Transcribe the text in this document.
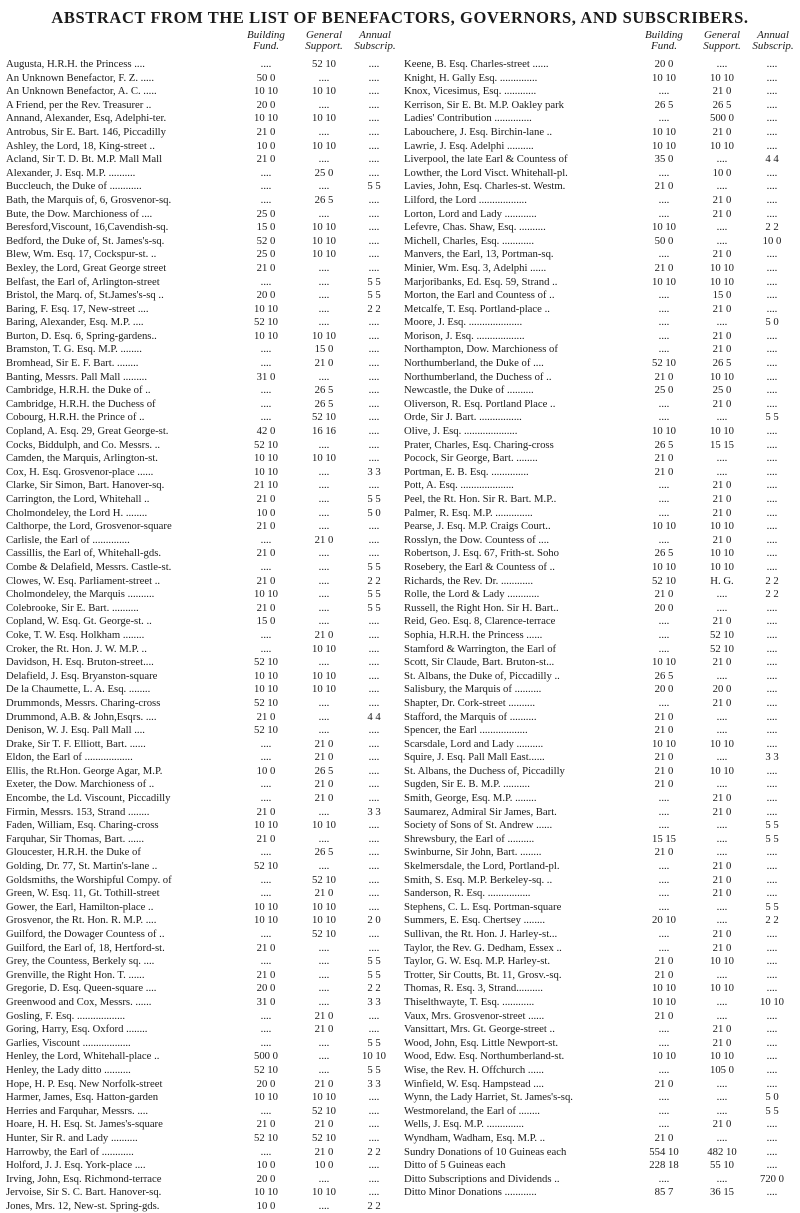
ABSTRACT FROM THE LIST OF BENEFACTORS, GOVERNORS, AND SUBSCRIBERS.
Building
Fund.
General
Support.
Annual
Subscrip.
Augusta, H.R.H. the Princess ....	....	52 10	....
An Unknown Benefactor, F. Z. .....	50 0	....	....
An Unknown Benefactor, A. C. .....	10 10	10 10	....
A Friend, per the Rev. Treasurer ..	20 0	....	....
Annand, Alexander, Esq, Adelphi-ter.	10 10	10 10	....
Antrobus, Sir E. Bart. 146, Piccadilly	21 0	....	....
Ashley, the Lord, 18, King-street ..	10 0	10 10	....
Acland, Sir T. D. Bt. M.P. Mall Mall	21 0	....	....
Alexander, J. Esq. M.P. ..........	....	25 0	....
Buccleuch, the Duke of ............	....	....	5 5
Bath, the Marquis of, 6, Grosvenor-sq.	....	26 5	....
Bute, the Dow. Marchioness of ....	25 0	....	....
Beresford,Viscount, 16,Cavendish-sq.	15 0	10 10	....
Bedford, the Duke of, St. James's-sq.	52 0	10 10	....
Blew, Wm. Esq. 17, Cockspur-st. ..	25 0	10 10	....
Bexley, the Lord, Great George street	21 0	....	....
Belfast, the Earl of, Arlington-street	....	....	5 5
Bristol, the Marq. of, St.James's-sq ..	20 0	....	5 5
Baring, F. Esq. 17, New-street ....	10 10	....	2 2
Baring, Alexander, Esq. M.P. ....	52 10	....	....
Burton, D. Esq. 6, Spring-gardens..	10 10	10 10	....
Bramston, T. G. Esq. M.P. ........	....	15 0	....
Bromhead, Sir E. F. Bart. ........	....	21 0	....
Banting, Messrs. Pall Mall .........	31 0	....	....
Cambridge, H.R.H. the Duke of ..	....	26 5	....
Cambridge, H.R.H. the Duchess of	....	26 5	....
Cobourg, H.R.H. the Prince of ..	....	52 10	....
Copland, A. Esq. 29, Great George-st.	42 0	16 16	....
Cocks, Biddulph, and Co. Messrs. ..	52 10	....	....
Camden, the Marquis, Arlington-st.	10 10	10 10	....
Cox, H. Esq. Grosvenor-place ......	10 10	....	3 3
Clarke, Sir Simon, Bart. Hanover-sq.	21 10	....	....
Carrington, the Lord, Whitehall ..	21 0	....	5 5
Cholmondeley, the Lord H. ........	10 0	....	5 0
Calthorpe, the Lord, Grosvenor-square	21 0	....	....
Carlisle, the Earl of ..............	....	21 0	....
Cassillis, the Earl of, Whitehall-gds.	21 0	....	....
Combe & Delafield, Messrs. Castle-st.	....	....	5 5
Clowes, W. Esq. Parliament-street ..	21 0	....	2 2
Cholmondeley, the Marquis ..........	10 10	....	5 5
Colebrooke, Sir E. Bart. ..........	21 0	....	5 5
Copland, W. Esq. Gt. George-st. ..	15 0	....	....
Coke, T. W. Esq. Holkham ........	....	21 0	....
Croker, the Rt. Hon. J. W. M.P. ..	....	10 10	....
Davidson, H. Esq. Bruton-street....	52 10	....	....
Delafield, J. Esq. Bryanston-square	10 10	10 10	....
De la Chaumette, L. A. Esq. ........	10 10	10 10	....
Drummonds, Messrs. Charing-cross	52 10	....	....
Drummond, A.B. & John,Esqrs. ....	21 0	....	4 4
Denison, W. J. Esq. Pall Mall ....	52 10	....	....
Drake, Sir T. F. Elliott, Bart. ......	....	21 0	....
Eldon, the Earl of ..................	....	21 0	....
Ellis, the Rt.Hon. George Agar, M.P.	10 0	26 5	....
Exeter, the Dow. Marchioness of ..	....	21 0	....
Encombe, the Ld. Viscount, Piccadilly	....	21 0	....
Firmin, Messrs. 153, Strand ........	21 0	....	3 3
Faden, William, Esq. Charing-cross	10 10	10 10	....
Farquhar, Sir Thomas, Bart. ......	21 0	....	....
Gloucester, H.R.H. the Duke of	....	26 5	....
Golding, Dr. 77, St. Martin's-lane ..	52 10	....	....
Goldsmiths, the Worshipful Compy. of	....	52 10	....
Green, W. Esq. 11, Gt. Tothill-street	....	21 0	....
Gower, the Earl, Hamilton-place ..	10 10	10 10	....
Grosvenor, the Rt. Hon. R. M.P. ....	10 10	10 10	2 0
Guilford, the Dowager Countess of ..	....	52 10	....
Guilford, the Earl of, 18, Hertford-st.	21 0	....	....
Grey, the Countess, Berkely sq. ....	....	....	5 5
Grenville, the Right Hon. T. ......	21 0	....	5 5
Gregorie, D. Esq. Queen-square ....	20 0	....	2 2
Greenwood and Cox, Messrs. ......	31 0	....	3 3
Gosling, F. Esq. ..................	....	21 0	....
Goring, Harry, Esq. Oxford ........	....	21 0	....
Garlies, Viscount ..................	....	....	5 5
Henley, the Lord, Whitehall-place ..	500 0	....	10 10
Henley, the Lady ditto ..........	52 10	....	5 5
Hope, H. P. Esq. New Norfolk-street	20 0	21 0	3 3
Harmer, James, Esq. Hatton-garden	10 10	10 10	....
Herries and Farquhar, Messrs. ....	....	52 10	....
Hoare, H. H. Esq. St. James's-square	21 0	21 0	....
Hunter, Sir R. and Lady ..........	52 10	52 10	....
Harrowby, the Earl of ............	....	21 0	2 2
Holford, J. J. Esq. York-place ....	10 0	10 0	....
Irving, John, Esq. Richmond-terrace	20 0	....	....
Jervoise, Sir S. C. Bart. Hanover-sq.	10 10	10 10	....
Jones, Mrs. 12, New-st. Spring-gds.	10 0	....	2 2
Building
Fund.
General
Support.
Annual
Subscrip.
Keene, B. Esq. Charles-street ......	20 0	....	....
Knight, H. Gally Esq. ..............	10 10	10 10	....
Knox, Vicesimus, Esq. ............	....	21 0	....
Kerrison, Sir E. Bt. M.P. Oakley park	26 5	26 5	....
Ladies' Contribution ..............	....	500 0	....
Labouchere, J. Esq. Birchin-lane ..	10 10	21 0	....
Lawrie, J. Esq. Adelphi ..........	10 10	10 10	....
Liverpool, the late Earl & Countess of	35 0	....	4 4
Lowther, the Lord Visct. Whitehall-pl.	....	10 0	....
Lavies, John, Esq. Charles-st. Westm.	21 0	....	....
Lilford, the Lord ..................	....	21 0	....
Lorton, Lord and Lady ............	....	21 0	....
Lefevre, Chas. Shaw, Esq. ..........	10 10	....	2 2
Michell, Charles, Esq. ............	50 0	....	10 0
Manvers, the Earl, 13, Portman-sq.	....	21 0	....
Minier, Wm. Esq. 3, Adelphi ......	21 0	10 10	....
Marjoribanks, Ed. Esq. 59, Strand ..	10 10	10 10	....
Morton, the Earl and Countess of ..	....	15 0	....
Metcalfe, T. Esq. Portland-place ..	....	21 0	....
Moore, J. Esq. ....................	....	....	5 0
Morison, J. Esq. ..................	....	21 0	....
Northampton, Dow. Marchioness of	....	21 0	....
Northumberland, the Duke of ....	52 10	26 5	....
Northumberland, the Duchess of ..	21 0	10 10	....
Newcastle, the Duke of ..........	25 0	25 0	....
Oliverson, R. Esq. Portland Place ..	....	21 0	....
Orde, Sir J. Bart. ................	....	....	5 5
Olive, J. Esq. ....................	10 10	10 10	....
Prater, Charles, Esq. Charing-cross	26 5	15 15	....
Pocock, Sir George, Bart. ........	21 0	....	....
Portman, E. B. Esq. ..............	21 0	....	....
Pott, A. Esq. ....................	....	21 0	....
Peel, the Rt. Hon. Sir R. Bart. M.P..	....	21 0	....
Palmer, R. Esq. M.P. ..............	....	21 0	....
Pearse, J. Esq. M.P. Craigs Court..	10 10	10 10	....
Rosslyn, the Dow. Countess of ....	....	21 0	....
Robertson, J. Esq. 67, Frith-st. Soho	26 5	10 10	....
Rosebery, the Earl & Countess of ..	10 10	10 10	....
Richards, the Rev. Dr. ............	52 10	H. G.	2 2
Rolle, the Lord & Lady ............	21 0	....	2 2
Russell, the Right Hon. Sir H. Bart..	20 0	....	....
Reid, Geo. Esq. 8, Clarence-terrace	....	21 0	....
Sophia, H.R.H. the Princess ......	....	52 10	....
Stamford & Warrington, the Earl of	....	52 10	....
Scott, Sir Claude, Bart. Bruton-st...	10 10	21 0	....
St. Albans, the Duke of, Piccadilly ..	26 5	....	....
Salisbury, the Marquis of ..........	20 0	20 0	....
Shapter, Dr. Cork-street ..........	....	21 0	....
Stafford, the Marquis of ..........	21 0	....	....
Spencer, the Earl ..................	21 0	....	....
Scarsdale, Lord and Lady ..........	10 10	10 10	....
Squire, J. Esq. Pall Mall East......	21 0	....	3 3
St. Albans, the Duchess of, Piccadilly	21 0	10 10	....
Sugden, Sir E. B. M.P. ..........	21 0	....	....
Smith, George, Esq. M.P. ........	....	21 0	....
Saumarez, Admiral Sir James, Bart.	....	21 0	....
Society of Sons of St. Andrew ......	....	....	5 5
Shrewsbury, the Earl of ..........	15 15	....	5 5
Swinburne, Sir John, Bart. ........	21 0	....	....
Skelmersdale, the Lord, Portland-pl.	....	21 0	....
Smith, S. Esq. M.P. Berkeley-sq. ..	....	21 0	....
Sanderson, R. Esq. ................	....	21 0	....
Stephens, C. L. Esq. Portman-square	....	....	5 5
Summers, E. Esq. Chertsey ........	20 10	....	2 2
Sullivan, the Rt. Hon. J. Harley-st...	....	21 0	....
Taylor, the Rev. G. Dedham, Essex ..	....	21 0	....
Taylor, G. W. Esq. M.P. Harley-st.	21 0	10 10	....
Trotter, Sir Coutts, Bt. 11, Grosv.-sq.	21 0	....	....
Thomas, R. Esq. 3, Strand..........	10 10	10 10	....
Thiselthwayte, T. Esq. ............	10 10	....	10 10
Vaux, Mrs. Grosvenor-street ......	21 0	....	....
Vansittart, Mrs. Gt. George-street ..	....	21 0	....
Wood, John, Esq. Little Newport-st.	....	21 0	....
Wood, Edw. Esq. Northumberland-st.	10 10	10 10	....
Wise, the Rev. H. Offchurch ......	....	105 0	....
Winfield, W. Esq. Hampstead ....	21 0	....	....
Wynn, the Lady Harriet, St. James's-sq.	....	....	5 0
Westmoreland, the Earl of ........	....	....	5 5
Wells, J. Esq. M.P. ..............	....	21 0	....
Wyndham, Wadham, Esq. M.P. ..	21 0	....	....
Sundry Donations of 10 Guineas each	554 10	482 10	....
Ditto of 5 Guineas each	228 18	55 10	....
Ditto Subscriptions and Dividends ..	....	....	720 0
Ditto Minor Donations ............	85 7	36 15	....
